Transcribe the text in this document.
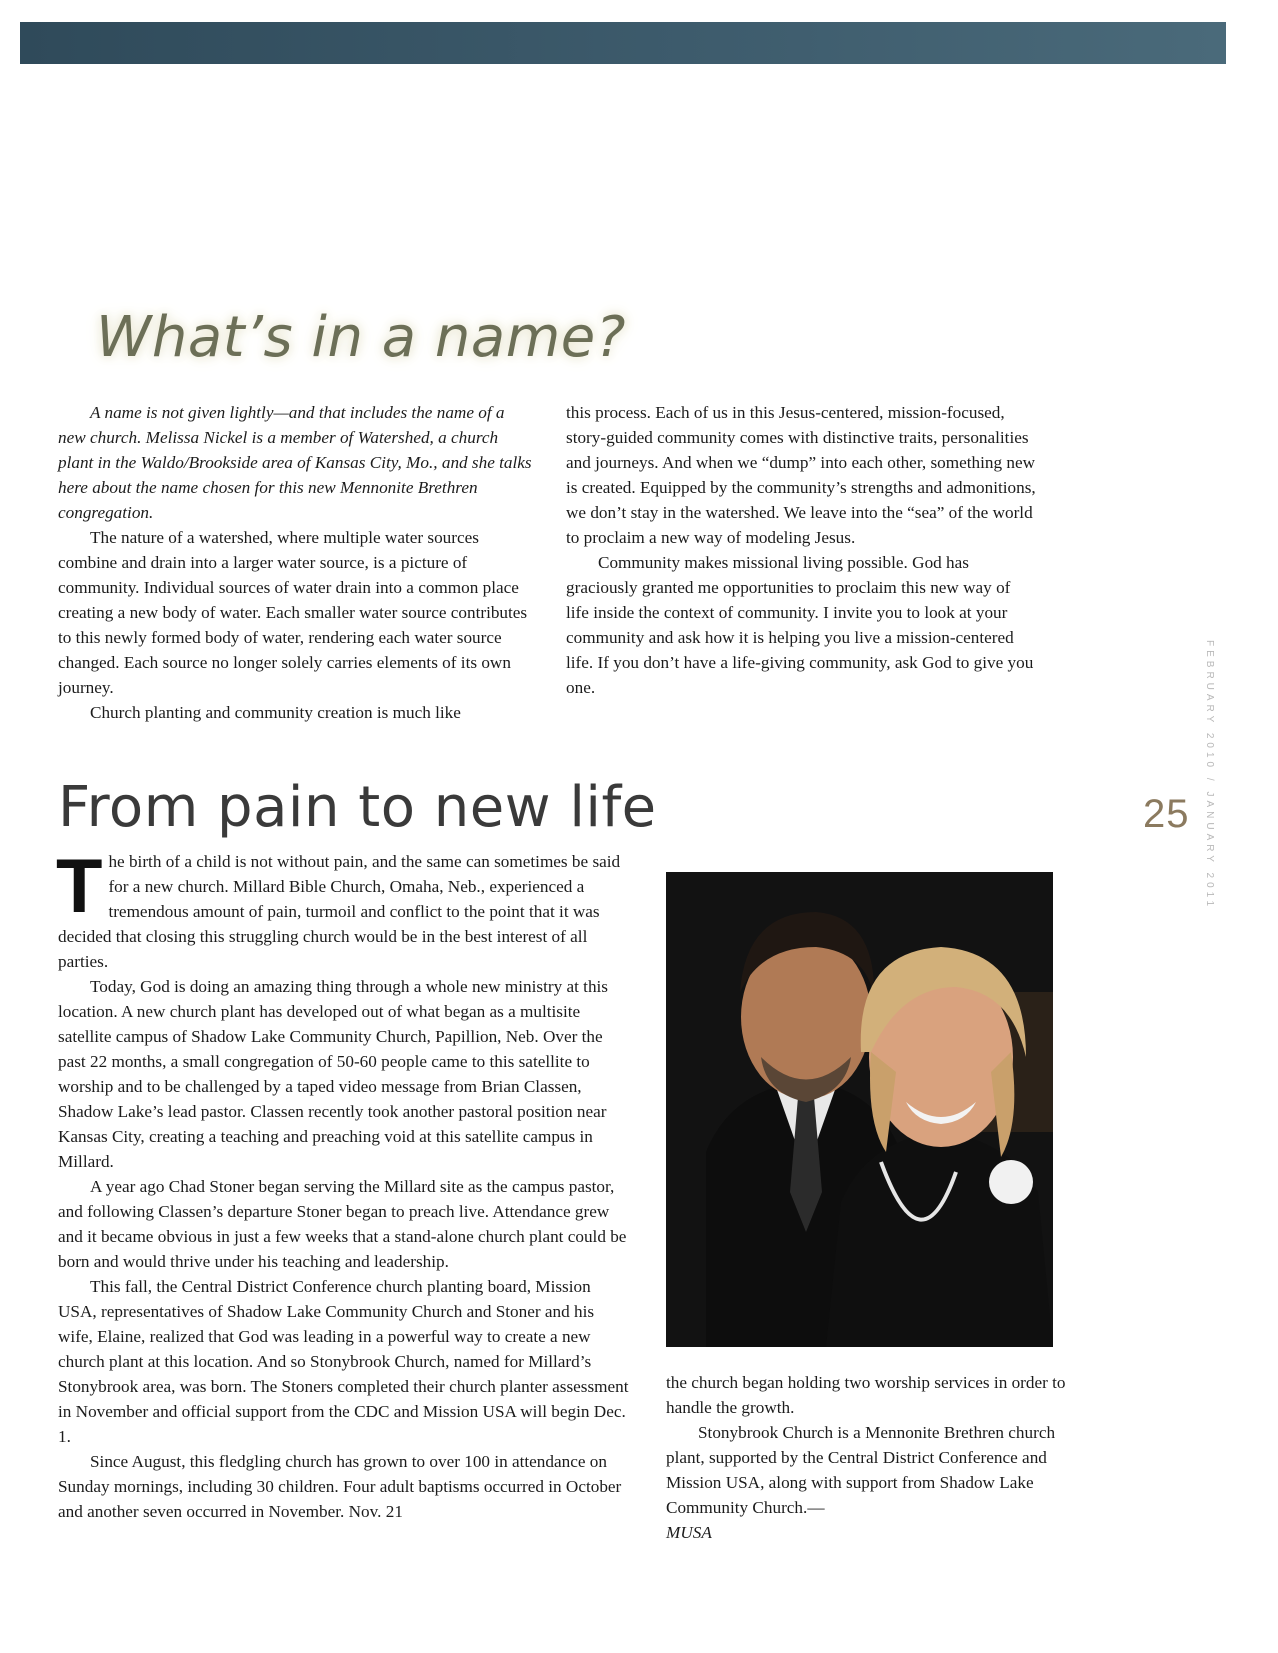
FEBRUARY 2010 / JANUARY 2011
25
What’s in a name?

A name is not given lightly—and that includes the name of a new church. Melissa Nickel is a member of Watershed, a church plant in the Waldo/Brookside area of Kansas City, Mo., and she talks here about the name chosen for this new Mennonite Brethren congregation.

The nature of a watershed, where multiple water sources combine and drain into a larger water source, is a picture of community. Individual sources of water drain into a common place creating a new body of water. Each smaller water source contributes to this newly formed body of water, rendering each water source changed. Each source no longer solely carries elements of its own journey.

Church planting and community creation is much like

this process. Each of us in this Jesus-centered, mission-focused, story-guided community comes with distinctive traits, personalities and journeys. And when we “dump” into each other, something new is created. Equipped by the community’s strengths and admonitions, we don’t stay in the watershed. We leave into the “sea” of the world to proclaim a new way of modeling Jesus.

Community makes missional living possible. God has graciously granted me opportunities to proclaim this new way of life inside the context of community. I invite you to look at your community and ask how it is helping you live a mission-centered life. If you don’t have a life-giving community, ask God to give you one.

From pain to new life

The birth of a child is not without pain, and the same can sometimes be said for a new church. Millard Bible Church, Omaha, Neb., experienced a tremendous amount of pain, turmoil and conflict to the point that it was decided that closing this struggling church would be in the best interest of all parties.

Today, God is doing an amazing thing through a whole new ministry at this location. A new church plant has developed out of what began as a multisite satellite campus of Shadow Lake Community Church, Papillion, Neb. Over the past 22 months, a small congregation of 50-60 people came to this satellite to worship and to be challenged by a taped video message from Brian Classen, Shadow Lake’s lead pastor. Classen recently took another pastoral position near Kansas City, creating a teaching and preaching void at this satellite campus in Millard.

A year ago Chad Stoner began serving the Millard site as the campus pastor, and following Classen’s departure Stoner began to preach live. Attendance grew and it became obvious in just a few weeks that a stand-alone church plant could be born and would thrive under his teaching and leadership.

This fall, the Central District Conference church planting board, Mission USA, representatives of Shadow Lake Community Church and Stoner and his wife, Elaine, realized that God was leading in a powerful way to create a new church plant at this location. And so Stonybrook Church, named for Millard’s Stonybrook area, was born. The Stoners completed their church planter assessment in November and official support from the CDC and Mission USA will begin Dec. 1.

Since August, this fledgling church has grown to over 100 in attendance on Sunday mornings, including 30 children. Four adult baptisms occurred in October and another seven occurred in November. Nov. 21

the church began holding two worship services in order to handle the growth.

Stonybrook Church is a Mennonite Brethren church plant, supported by the Central District Conference and Mission USA, along with support from Shadow Lake Community Church.—

MUSA
